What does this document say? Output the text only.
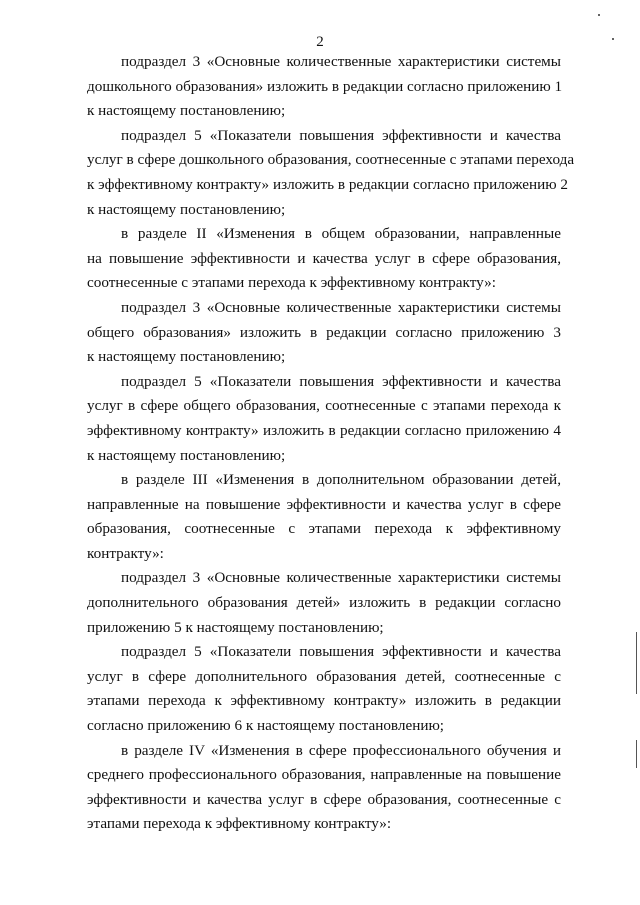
2
подраздел 3 «Основные количественные характеристики системы
дошкольного образования» изложить в редакции согласно приложению 1
к настоящему постановлению;
подраздел 5 «Показатели повышения эффективности и качества
услуг в сфере дошкольного образования, соотнесенные с этапами перехода
к эффективному контракту» изложить в редакции согласно приложению 2
к настоящему постановлению;
в разделе II «Изменения в общем образовании, направленные
на повышение эффективности и качества услуг в сфере образования,
соотнесенные с этапами перехода к эффективному контракту»:
подраздел 3 «Основные количественные характеристики системы
общего образования» изложить в редакции согласно приложению 3
к настоящему постановлению;
подраздел 5 «Показатели повышения эффективности и качества
услуг в сфере общего образования, соотнесенные с этапами перехода к
эффективному контракту» изложить в редакции согласно приложению 4
к настоящему постановлению;
в разделе III «Изменения в дополнительном образовании детей,
направленные на повышение эффективности и качества услуг в сфере
образования, соотнесенные с этапами перехода к эффективному
контракту»:
подраздел 3 «Основные количественные характеристики системы
дополнительного образования детей» изложить в редакции согласно
приложению 5 к настоящему постановлению;
подраздел 5 «Показатели повышения эффективности и качества
услуг в сфере дополнительного образования детей, соотнесенные с
этапами перехода к эффективному контракту» изложить в редакции
согласно приложению 6 к настоящему постановлению;
в разделе IV «Изменения в сфере профессионального обучения и
среднего профессионального образования, направленные на повышение
эффективности и качества услуг в сфере образования, соотнесенные с
этапами перехода к эффективному контракту»:
